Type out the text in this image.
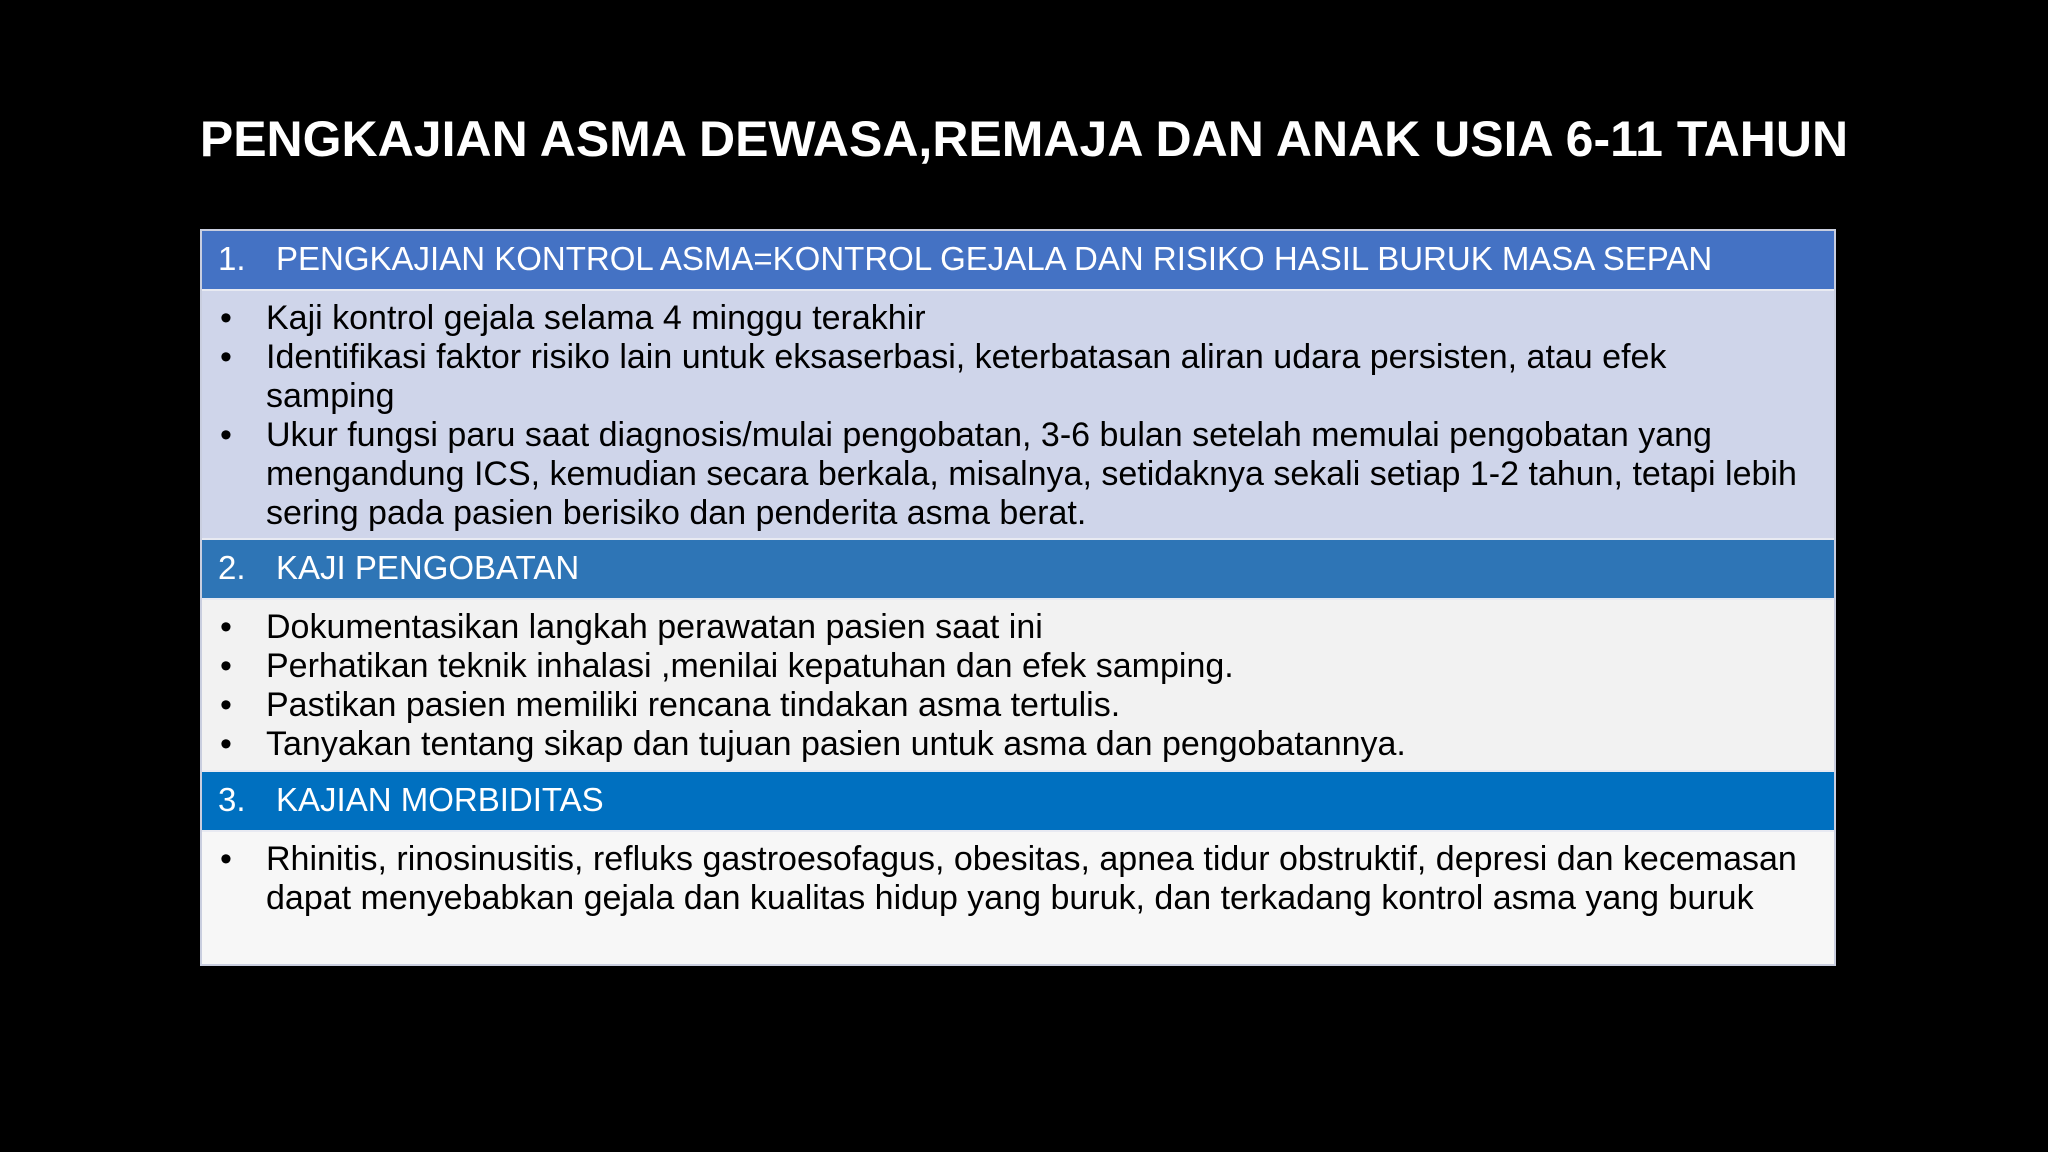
PENGKAJIAN ASMA DEWASA,REMAJA DAN ANAK USIA 6-11 TAHUN
1. PENGKAJIAN KONTROL ASMA=KONTROL GEJALA DAN RISIKO HASIL BURUK MASA SEPAN
•	Kaji kontrol gejala selama 4 minggu terakhir
•	Identifikasi faktor risiko lain untuk eksaserbasi, keterbatasan aliran udara persisten, atau efek samping
•	Ukur fungsi paru saat diagnosis/mulai pengobatan, 3-6 bulan setelah memulai pengobatan yang mengandung ICS, kemudian secara berkala, misalnya, setidaknya sekali setiap 1-2 tahun, tetapi lebih sering pada pasien berisiko dan penderita asma berat.
2. KAJI PENGOBATAN
•	Dokumentasikan langkah perawatan pasien saat ini
•	Perhatikan teknik inhalasi ,menilai kepatuhan dan efek samping.
•	Pastikan pasien memiliki rencana tindakan asma tertulis.
•	Tanyakan tentang sikap dan tujuan pasien untuk asma dan pengobatannya.
3. KAJIAN MORBIDITAS
•	Rhinitis, rinosinusitis, refluks gastroesofagus, obesitas, apnea tidur obstruktif, depresi dan kecemasan dapat menyebabkan gejala dan kualitas hidup yang buruk, dan terkadang kontrol asma yang buruk
